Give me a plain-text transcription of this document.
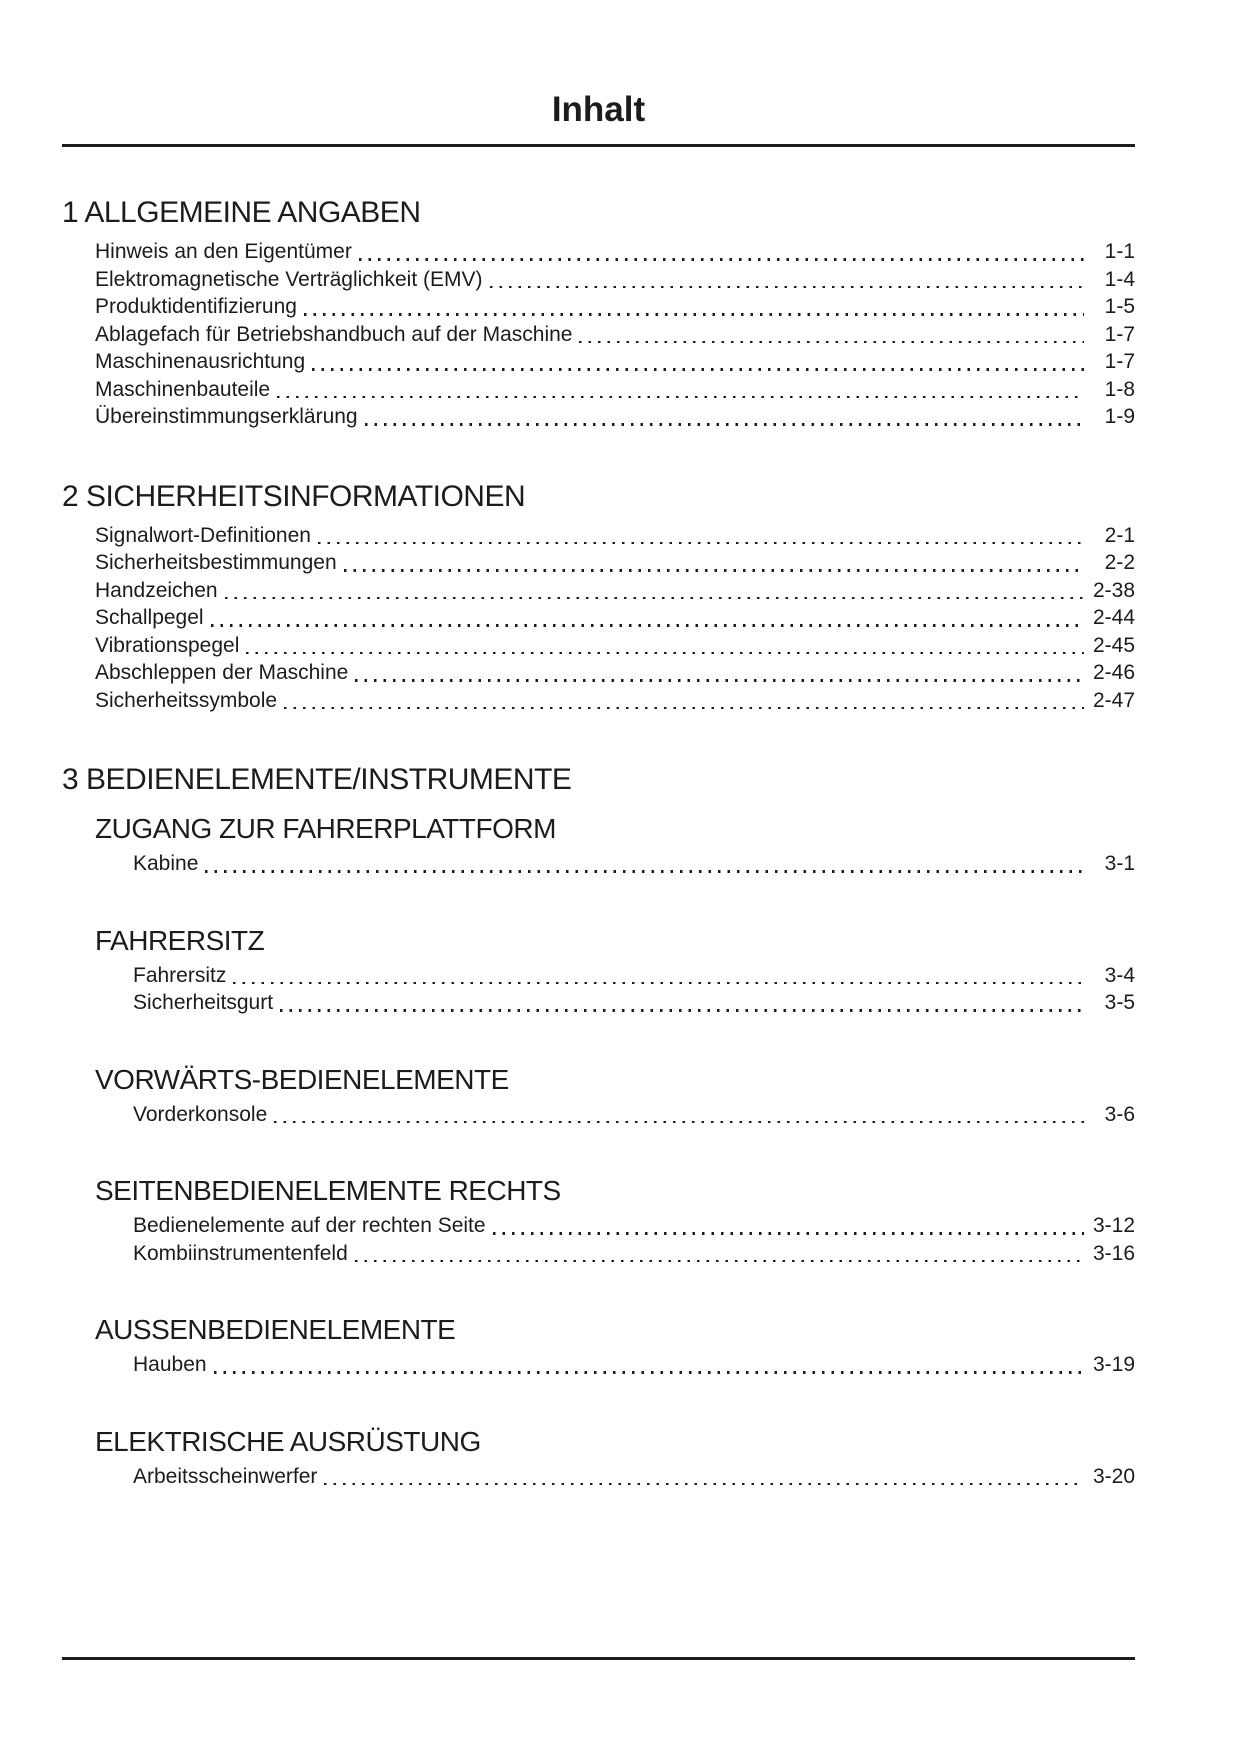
Inhalt
1 ALLGEMEINE ANGABEN
Hinweis an den Eigentümer	1-1
Elektromagnetische Verträglichkeit (EMV)	1-4
Produktidentifizierung	1-5
Ablagefach für Betriebshandbuch auf der Maschine	1-7
Maschinenausrichtung	1-7
Maschinenbauteile	1-8
Übereinstimmungserklärung	1-9
2 SICHERHEITSINFORMATIONEN
Signalwort-Definitionen	2-1
Sicherheitsbestimmungen	2-2
Handzeichen	2-38
Schallpegel	2-44
Vibrationspegel	2-45
Abschleppen der Maschine	2-46
Sicherheitssymbole	2-47
3 BEDIENELEMENTE/INSTRUMENTE
ZUGANG ZUR FAHRERPLATTFORM
Kabine	3-1
FAHRERSITZ
Fahrersitz	3-4
Sicherheitsgurt	3-5
VORWÄRTS-BEDIENELEMENTE
Vorderkonsole	3-6
SEITENBEDIENELEMENTE RECHTS
Bedienelemente auf der rechten Seite	3-12
Kombiinstrumentenfeld	3-16
AUSSENBEDIENELEMENTE
Hauben	3-19
ELEKTRISCHE AUSRÜSTUNG
Arbeitsscheinwerfer	3-20
